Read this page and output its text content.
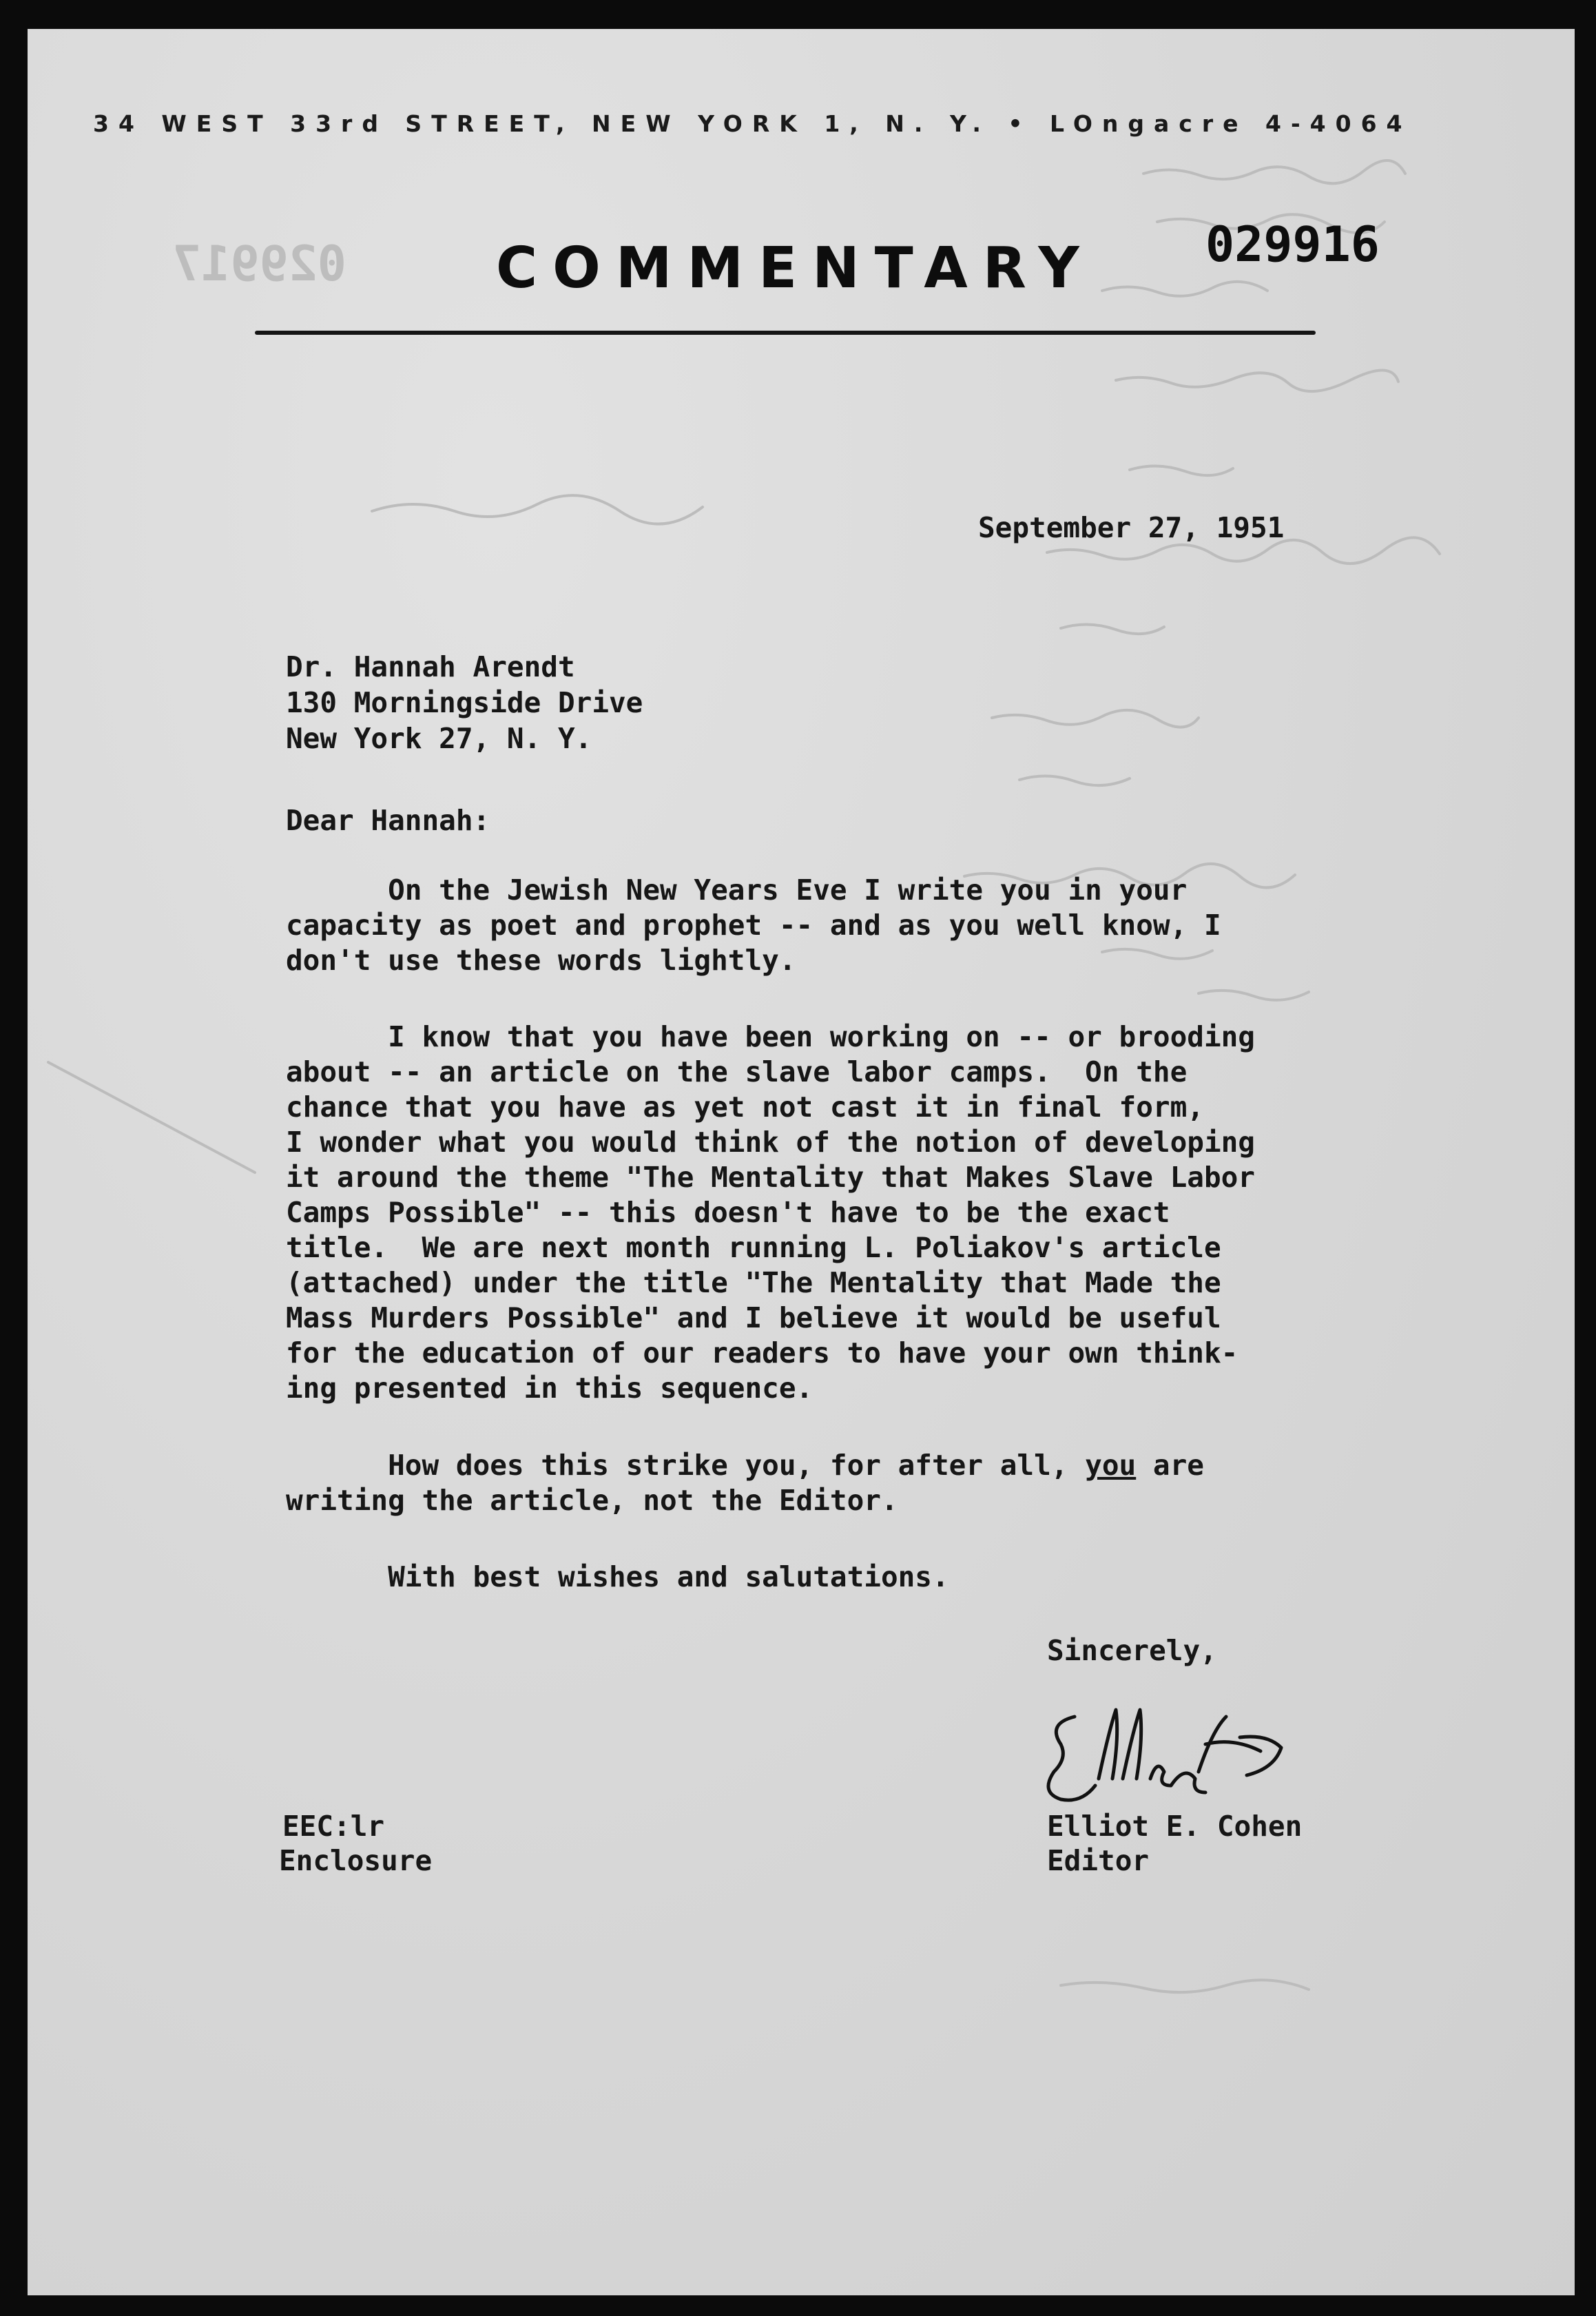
34 WEST 33rd STREET, NEW YORK 1, N. Y. • LOngacre 4-4064
029917	COMMENTARY 029916
September 27, 1951
Dr. Hannah Arendt
130 Morningside Drive
New York 27, N. Y.
Dear Hannah:
On the Jewish New Years Eve I write you in your
capacity as poet and prophet -- and as you well know, I
don't use these words lightly.
I know that you have been working on -- or brooding
about -- an article on the slave labor camps.  On the
chance that you have as yet not cast it in final form,
I wonder what you would think of the notion of developing
it around the theme "The Mentality that Makes Slave Labor
Camps Possible" -- this doesn't have to be the exact
title.  We are next month running L. Poliakov's article
(attached) under the title "The Mentality that Made the
Mass Murders Possible" and I believe it would be useful
for the education of our readers to have your own think-
ing presented in this sequence.
How does this strike you, for after all, you are
writing the article, not the Editor.
With best wishes and salutations.
Sincerely,
Elliot E. Cohen
Editor
EEC:lr
Enclosure
